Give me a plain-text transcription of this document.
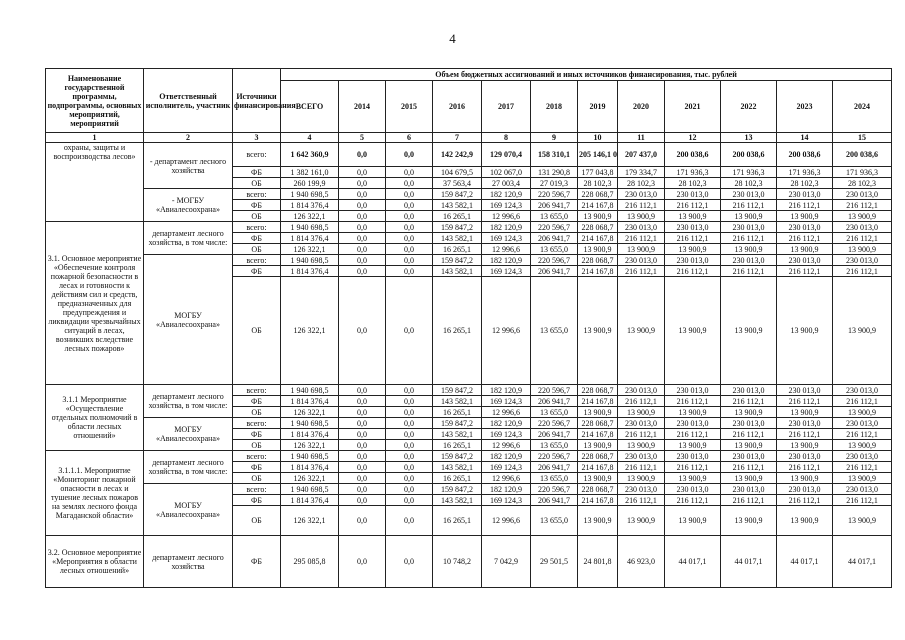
4
Наименование государственной программы, подпрограммы, основных мероприятий, мероприятий	Ответственный исполнитель, участник	Источники финансирования	Объем бюджетных ассигнований и иных источников финансирования, тыс. рублей											
			ВСЕГО	2014	2015	2016	2017	2018	2019	2020	2021	2022	2023	2024
1	2	3	4	5	6	7	8	9	10	11	12	13	14	15
охраны, защиты и воспроизводства лесов»	- департамент лесного хозяйства	всего:	1 642 360,9	0,0	0,0	142 242,9	129 070,4	158 310,1	205 146,1 0	207 437,0	200 038,6	200 038,6	200 038,6	200 038,6
		ФБ	1 382 161,0	0,0	0,0	104 679,5	102 067,0	131 290,8	177 043,8	179 334,7	171 936,3	171 936,3	171 936,3	171 936,3
		ОБ	260 199,9	0,0	0,0	37 563,4	27 003,4	27 019,3	28 102,3	28 102,3	28 102,3	28 102,3	28 102,3	28 102,3
	- МОГБУ «Авиалесоохрана»	всего:	1 940 698,5	0,0	0,0	159 847,2	182 120,9	220 596,7	228 068,7	230 013,0	230 013,0	230 013,0	230 013,0	230 013,0
		ФБ	1 814 376,4	0,0	0,0	143 582,1	169 124,3	206 941,7	214 167,8	216 112,1	216 112,1	216 112,1	216 112,1	216 112,1
		ОБ	126 322,1	0,0	0,0	16 265,1	12 996,6	13 655,0	13 900,9	13 900,9	13 900,9	13 900,9	13 900,9	13 900,9
3.1. Основное мероприятие «Обеспечение контроля пожарной безопасности в лесах и готовности к действиям сил и средств, предназначенных для предупреждения и ликвидации чрезвычайных ситуаций в лесах, возникших вследствие лесных пожаров»	департамент лесного хозяйства, в том числе:	всего:	1 940 698,5	0,0	0,0	159 847,2	182 120,9	220 596,7	228 068,7	230 013,0	230 013,0	230 013,0	230 013,0	230 013,0
		ФБ	1 814 376,4	0,0	0,0	143 582,1	169 124,3	206 941,7	214 167,8	216 112,1	216 112,1	216 112,1	216 112,1	216 112,1
		ОБ	126 322,1	0,0	0,0	16 265,1	12 996,6	13 655,0	13 900,9	13 900,9	13 900,9	13 900,9	13 900,9	13 900,9
	МОГБУ «Авиалесоохрана»	всего:	1 940 698,5	0,0	0,0	159 847,2	182 120,9	220 596,7	228 068,7	230 013,0	230 013,0	230 013,0	230 013,0	230 013,0
		ФБ	1 814 376,4	0,0	0,0	143 582,1	169 124,3	206 941,7	214 167,8	216 112,1	216 112,1	216 112,1	216 112,1	216 112,1
		ОБ	126 322,1	0,0	0,0	16 265,1	12 996,6	13 655,0	13 900,9	13 900,9	13 900,9	13 900,9	13 900,9	13 900,9
3.1.1 Мероприятие «Осуществление отдельных полномочий в области лесных отношений»	департамент лесного хозяйства, в том числе:	всего:	1 940 698,5	0,0	0,0	159 847,2	182 120,9	220 596,7	228 068,7	230 013,0	230 013,0	230 013,0	230 013,0	230 013,0
		ФБ	1 814 376,4	0,0	0,0	143 582,1	169 124,3	206 941,7	214 167,8	216 112,1	216 112,1	216 112,1	216 112,1	216 112,1
		ОБ	126 322,1	0,0	0,0	16 265,1	12 996,6	13 655,0	13 900,9	13 900,9	13 900,9	13 900,9	13 900,9	13 900,9
	МОГБУ «Авиалесоохрана»	всего:	1 940 698,5	0,0	0,0	159 847,2	182 120,9	220 596,7	228 068,7	230 013,0	230 013,0	230 013,0	230 013,0	230 013,0
		ФБ	1 814 376,4	0,0	0,0	143 582,1	169 124,3	206 941,7	214 167,8	216 112,1	216 112,1	216 112,1	216 112,1	216 112,1
		ОБ	126 322,1	0,0	0,0	16 265,1	12 996,6	13 655,0	13 900,9	13 900,9	13 900,9	13 900,9	13 900,9	13 900,9
3.1.1.1. Мероприятие «Мониторинг пожарной опасности в лесах и тушение лесных пожаров на землях лесного фонда Магаданской области»	департамент лесного хозяйства, в том числе:	всего:	1 940 698,5	0,0	0,0	159 847,2	182 120,9	220 596,7	228 068,7	230 013,0	230 013,0	230 013,0	230 013,0	230 013,0
		ФБ	1 814 376,4	0,0	0,0	143 582,1	169 124,3	206 941,7	214 167,8	216 112,1	216 112,1	216 112,1	216 112,1	216 112,1
		ОБ	126 322,1	0,0	0,0	16 265,1	12 996,6	13 655,0	13 900,9	13 900,9	13 900,9	13 900,9	13 900,9	13 900,9
	МОГБУ «Авиалесоохрана»	всего:	1 940 698,5	0,0	0,0	159 847,2	182 120,9	220 596,7	228 068,7	230 013,0	230 013,0	230 013,0	230 013,0	230 013,0
		ФБ	1 814 376,4	0,0	0,0	143 582,1	169 124,3	206 941,7	214 167,8	216 112,1	216 112,1	216 112,1	216 112,1	216 112,1
		ОБ	126 322,1	0,0	0,0	16 265,1	12 996,6	13 655,0	13 900,9	13 900,9	13 900,9	13 900,9	13 900,9	13 900,9
3.2. Основное мероприятие «Мероприятия в области лесных отношений»	департамент лесного хозяйства	ФБ	295 085,8	0,0	0,0	10 748,2	7 042,9	29 501,5	24 801,8	46 923,0	44 017,1	44 017,1	44 017,1	44 017,1
